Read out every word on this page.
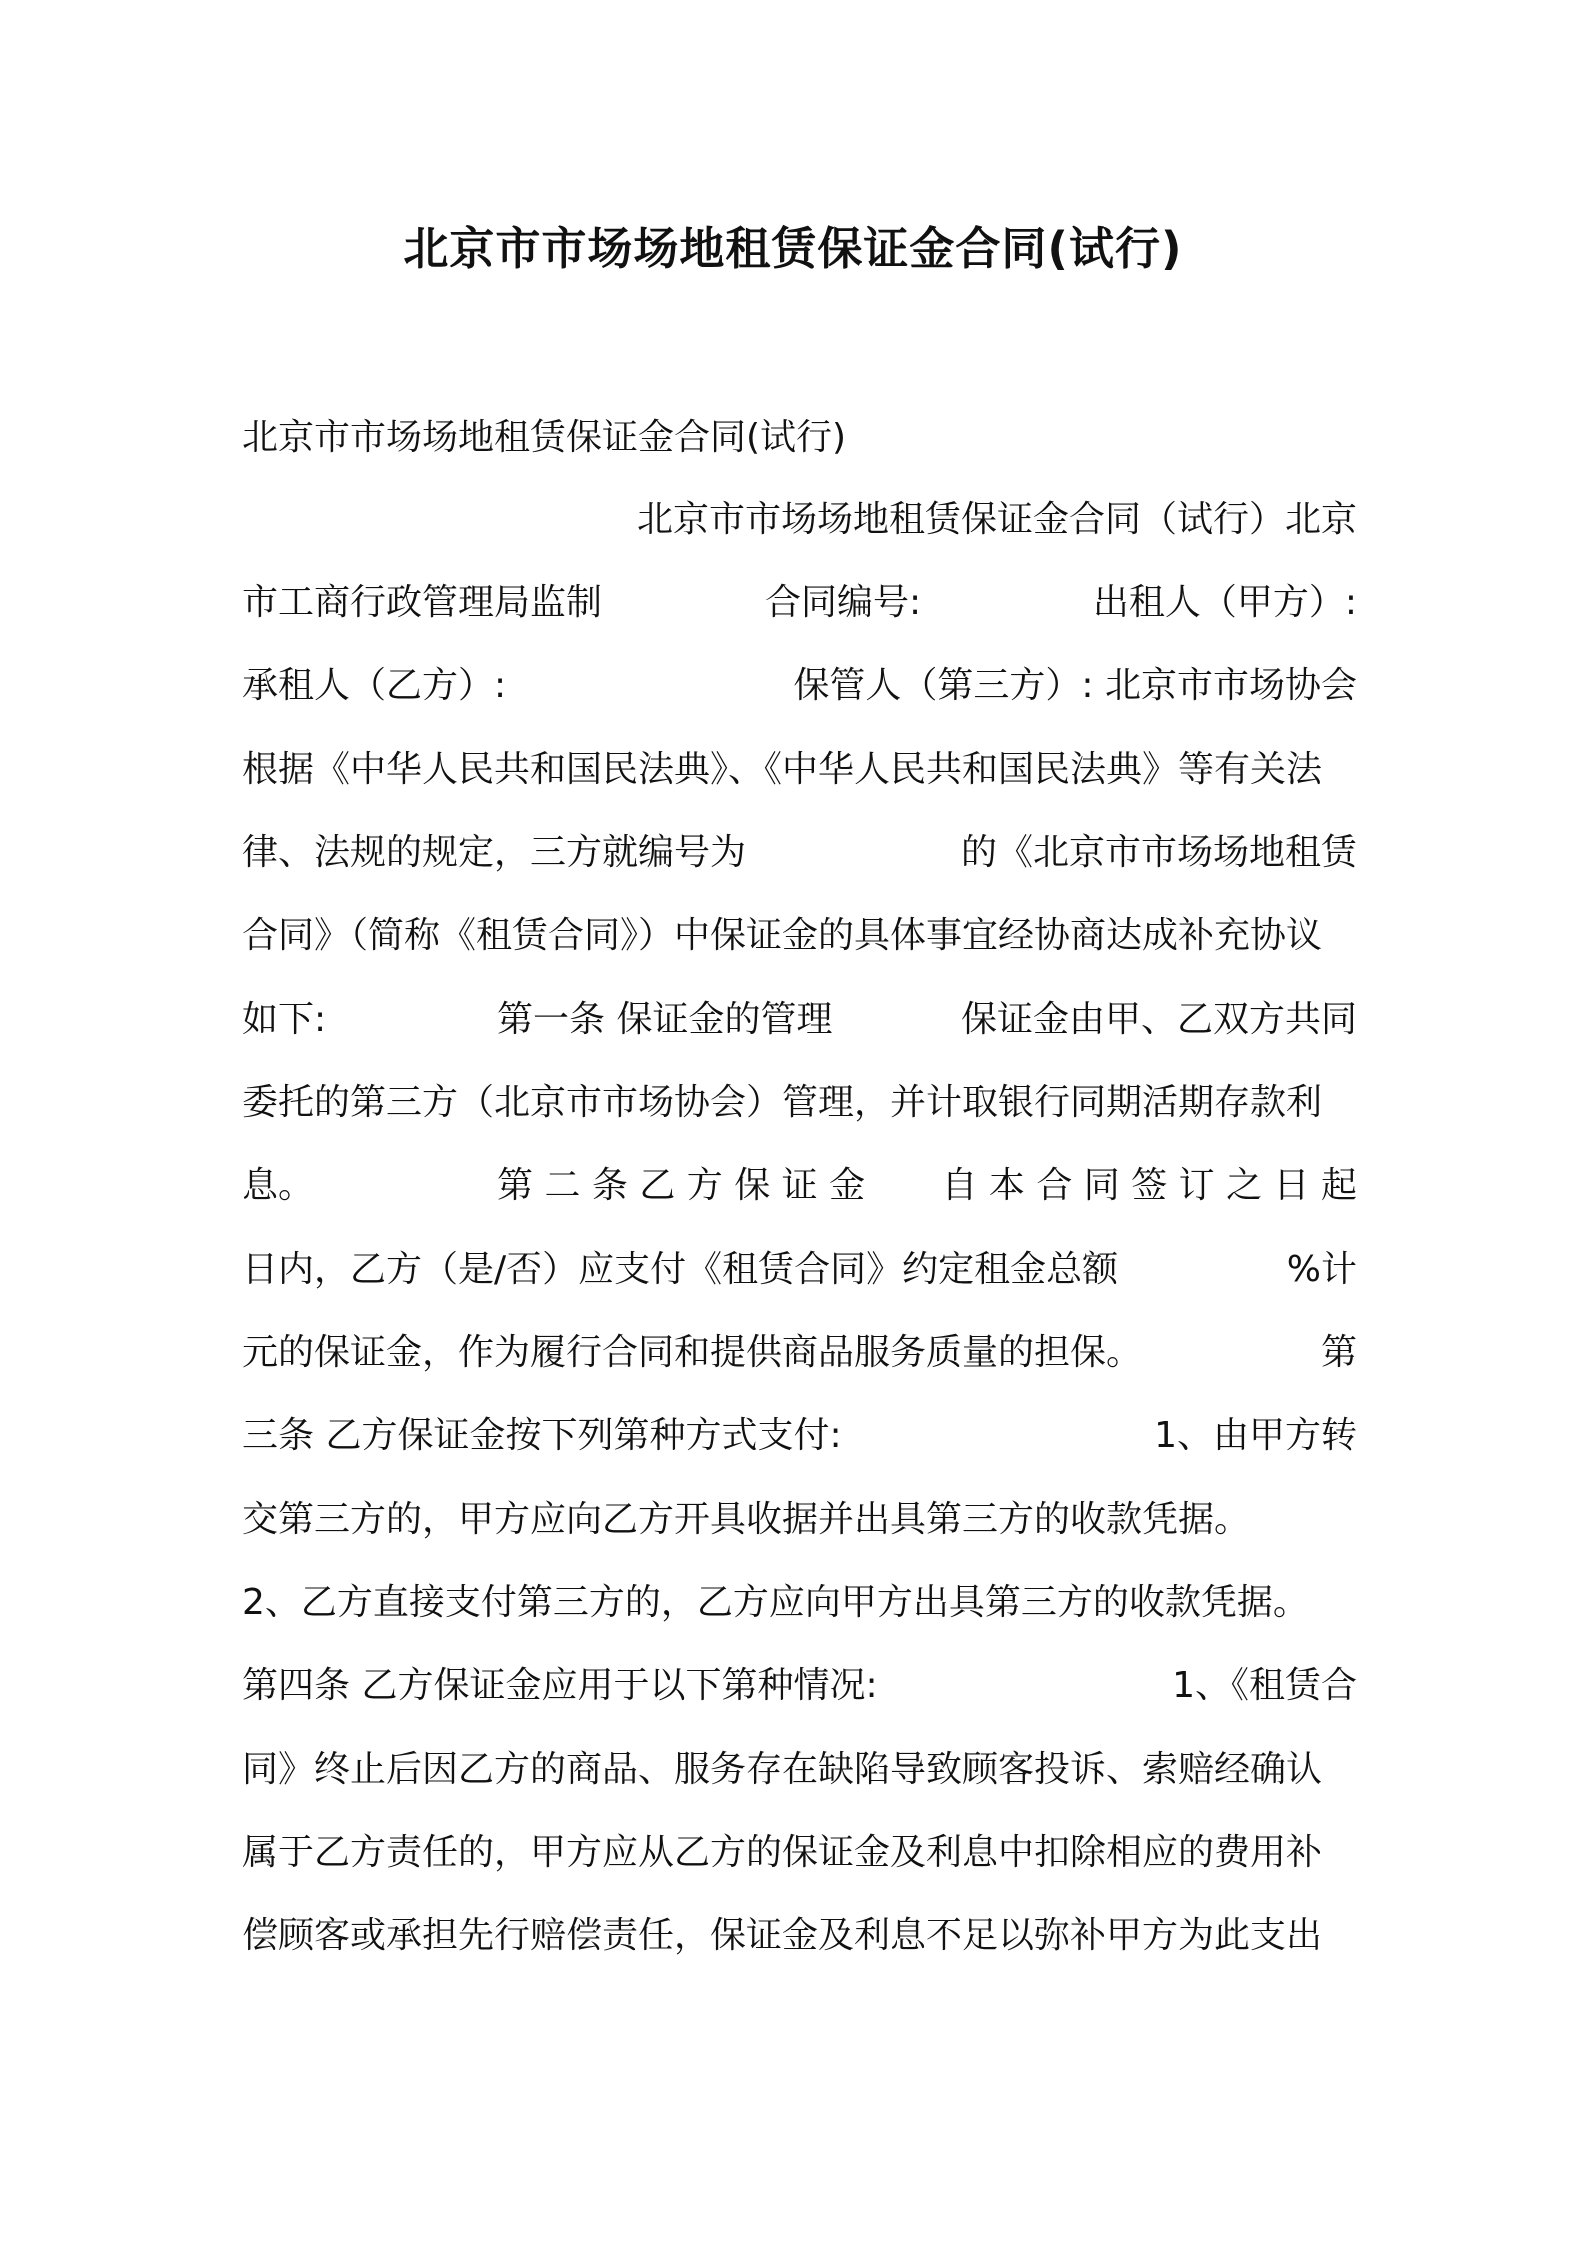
北京市市场场地租赁保证金合同(试行)
北京市市场场地租赁保证金合同(试行)
北京市市场场地租赁保证金合同（试行）北京
市工商行政管理局监制	合同编号:	出租人（甲方）:
承租人（乙方）:	保管人（第三方）: 北京市市场协会
根据《中华人民共和国民法典》、《中华人民共和国民法典》等有关法
律、法规的规定，三方就编号为	的《北京市市场场地租赁
合同》（简称《租赁合同》）中保证金的具体事宜经协商达成补充协议
如下:	第一条 保证金的管理	保证金由甲、乙双方共同
委托的第三方（北京市市场协会）管理，并计取银行同期活期存款利
息。	第 二 条 乙 方 保 证 金 自 本 合 同 签 订 之 日 起
日内，乙方（是/否）应支付《租赁合同》约定租金总额	%计
元的保证金，作为履行合同和提供商品服务质量的担保。	第
三条 乙方保证金按下列第种方式支付:	1、由甲方转
交第三方的，甲方应向乙方开具收据并出具第三方的收款凭据。
2、乙方直接支付第三方的，乙方应向甲方出具第三方的收款凭据。
第四条 乙方保证金应用于以下第种情况:	1、《租赁合
同》终止后因乙方的商品、服务存在缺陷导致顾客投诉、索赔经确认
属于乙方责任的，甲方应从乙方的保证金及利息中扣除相应的费用补
偿顾客或承担先行赔偿责任，保证金及利息不足以弥补甲方为此支出
